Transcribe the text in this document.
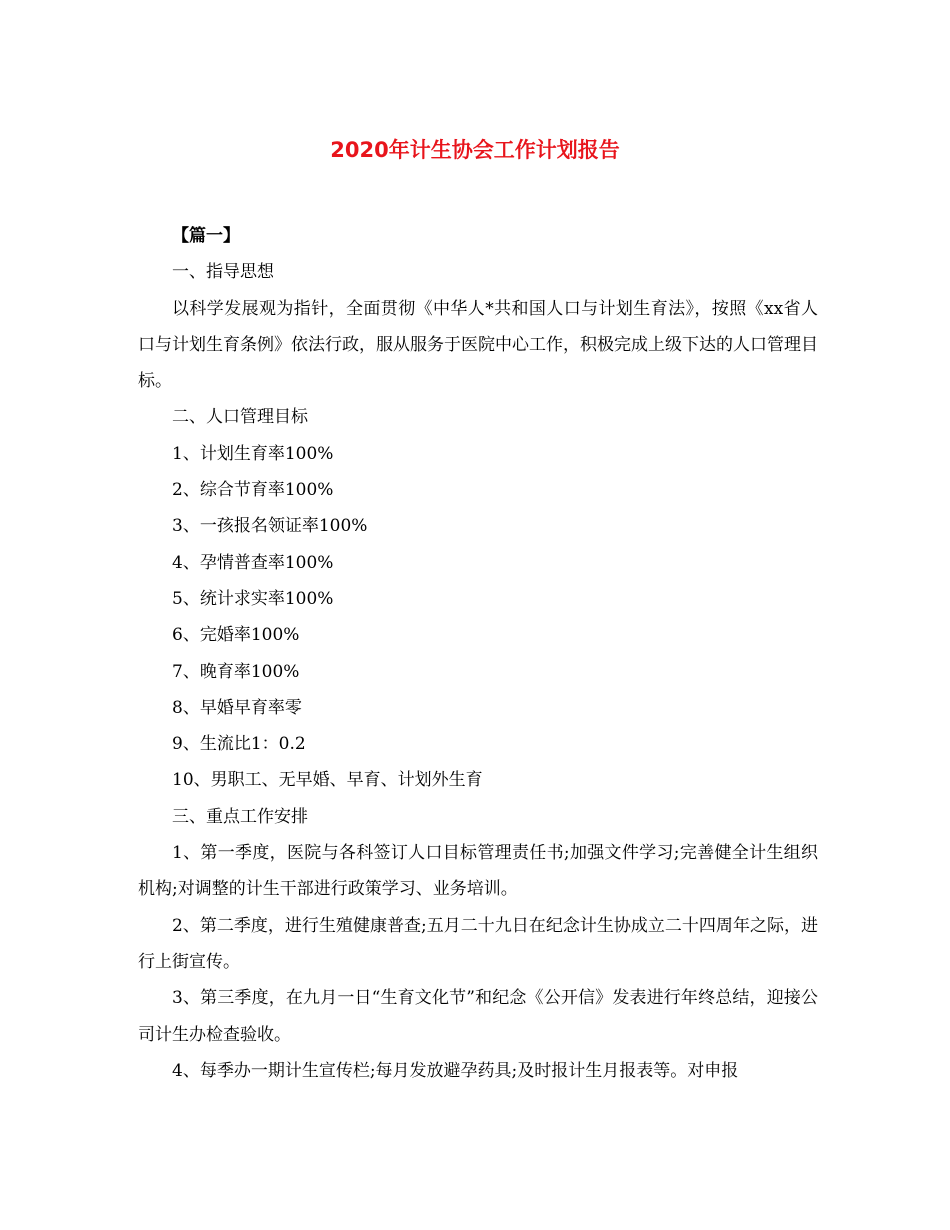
2020年计生协会工作计划报告

【篇一】

一、指导思想

以科学发展观为指针，全面贯彻《中华人*共和国人口与计划生育法》，按照《xx省人口与计划生育条例》依法行政，服从服务于医院中心工作，积极完成上级下达的人口管理目标。

二、人口管理目标

1、计划生育率100%

2、综合节育率100%

3、一孩报名领证率100%

4、孕情普查率100%

5、统计求实率100%

6、完婚率100%

7、晚育率100%

8、早婚早育率零

9、生流比1：0.2

10、男职工、无早婚、早育、计划外生育

三、重点工作安排

1、第一季度，医院与各科签订人口目标管理责任书;加强文件学习;完善健全计生组织机构;对调整的计生干部进行政策学习、业务培训。

2、第二季度，进行生殖健康普查;五月二十九日在纪念计生协成立二十四周年之际，进行上街宣传。

3、第三季度，在九月一日“生育文化节”和纪念《公开信》发表进行年终总结，迎接公司计生办检查验收。

4、每季办一期计生宣传栏;每月发放避孕药具;及时报计生月报表等。对申报
